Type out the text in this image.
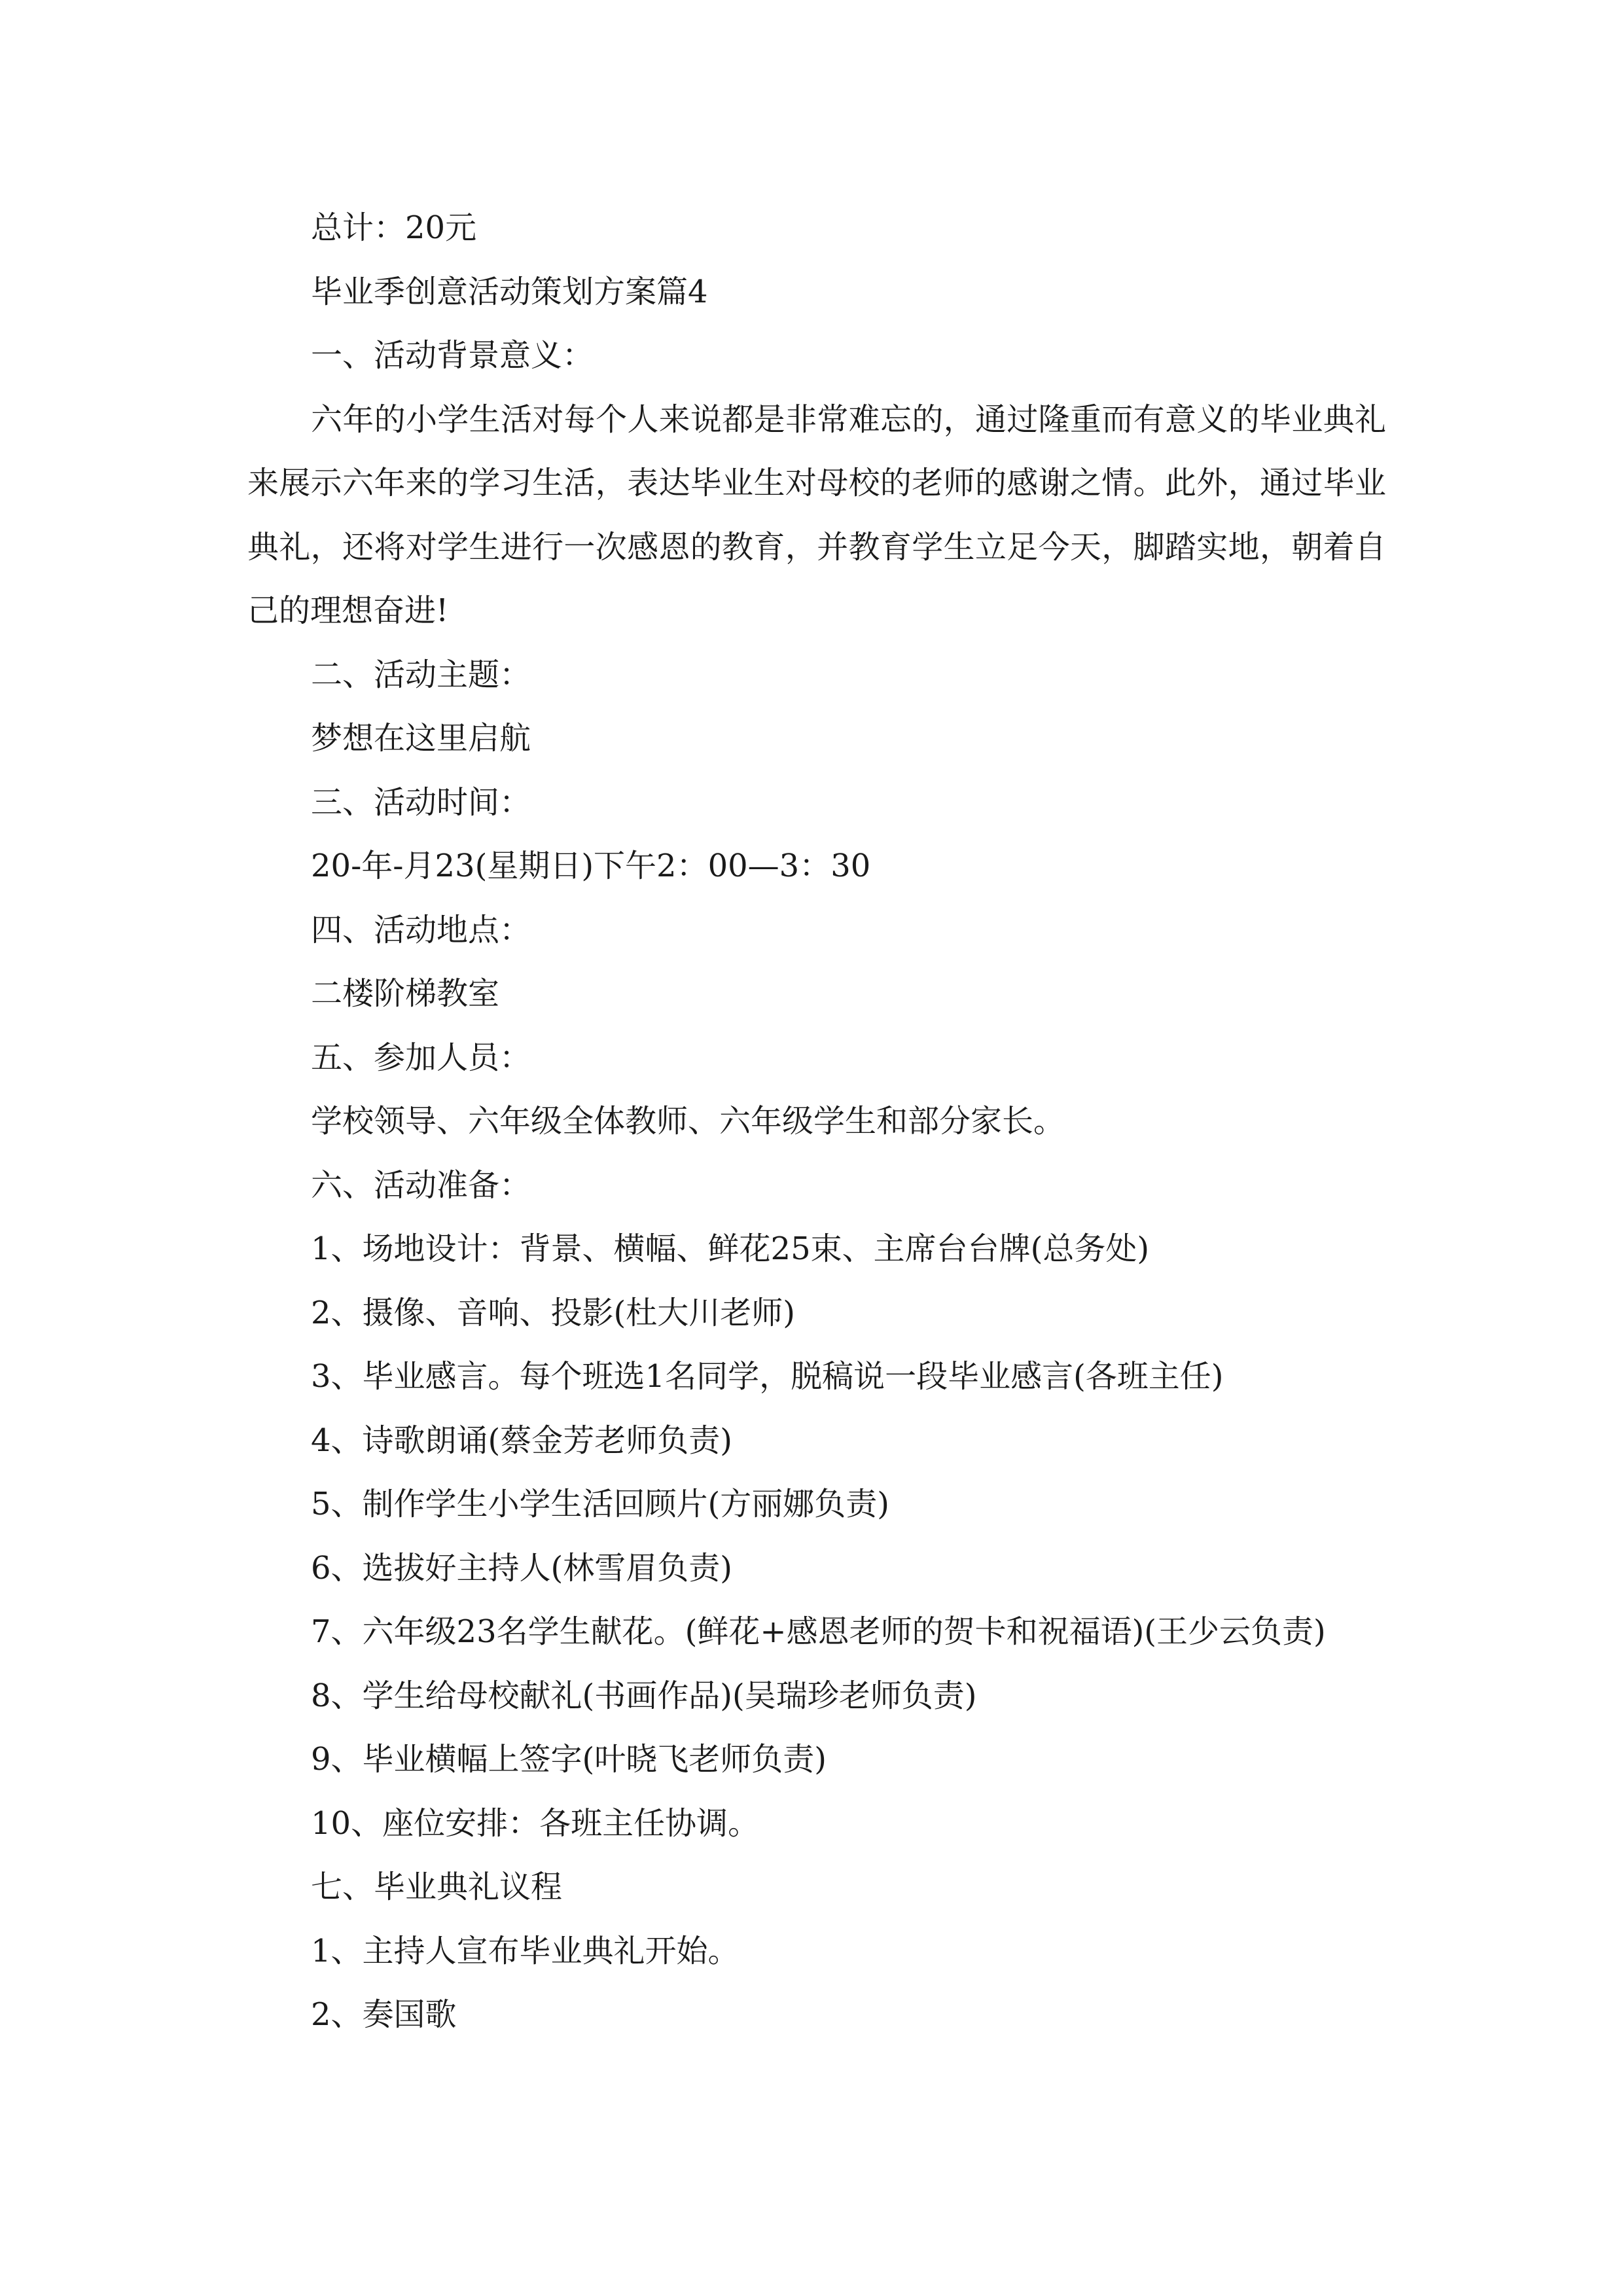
总计：20元
毕业季创意活动策划方案篇4
一、活动背景意义：

六年的小学生活对每个人来说都是非常难忘的，通过隆重而有意义的毕业典礼来展示六年来的学习生活，表达毕业生对母校的老师的感谢之情。此外，通过毕业典礼，还将对学生进行一次感恩的教育，并教育学生立足今天，脚踏实地，朝着自己的理想奋进!

二、活动主题：
梦想在这里启航
三、活动时间：
20-年-月23(星期日)下午2：00—3：30
四、活动地点：
二楼阶梯教室
五、参加人员：
学校领导、六年级全体教师、六年级学生和部分家长。
六、活动准备：
1、场地设计：背景、横幅、鲜花25束、主席台台牌(总务处)
2、摄像、音响、投影(杜大川老师)
3、毕业感言。每个班选1名同学，脱稿说一段毕业感言(各班主任)
4、诗歌朗诵(蔡金芳老师负责)
5、制作学生小学生活回顾片(方丽娜负责)
6、选拔好主持人(林雪眉负责)
7、六年级23名学生献花。(鲜花+感恩老师的贺卡和祝福语)(王少云负责)
8、学生给母校献礼(书画作品)(吴瑞珍老师负责)
9、毕业横幅上签字(叶晓飞老师负责)
10、座位安排：各班主任协调。
七、毕业典礼议程
1、主持人宣布毕业典礼开始。
2、奏国歌
